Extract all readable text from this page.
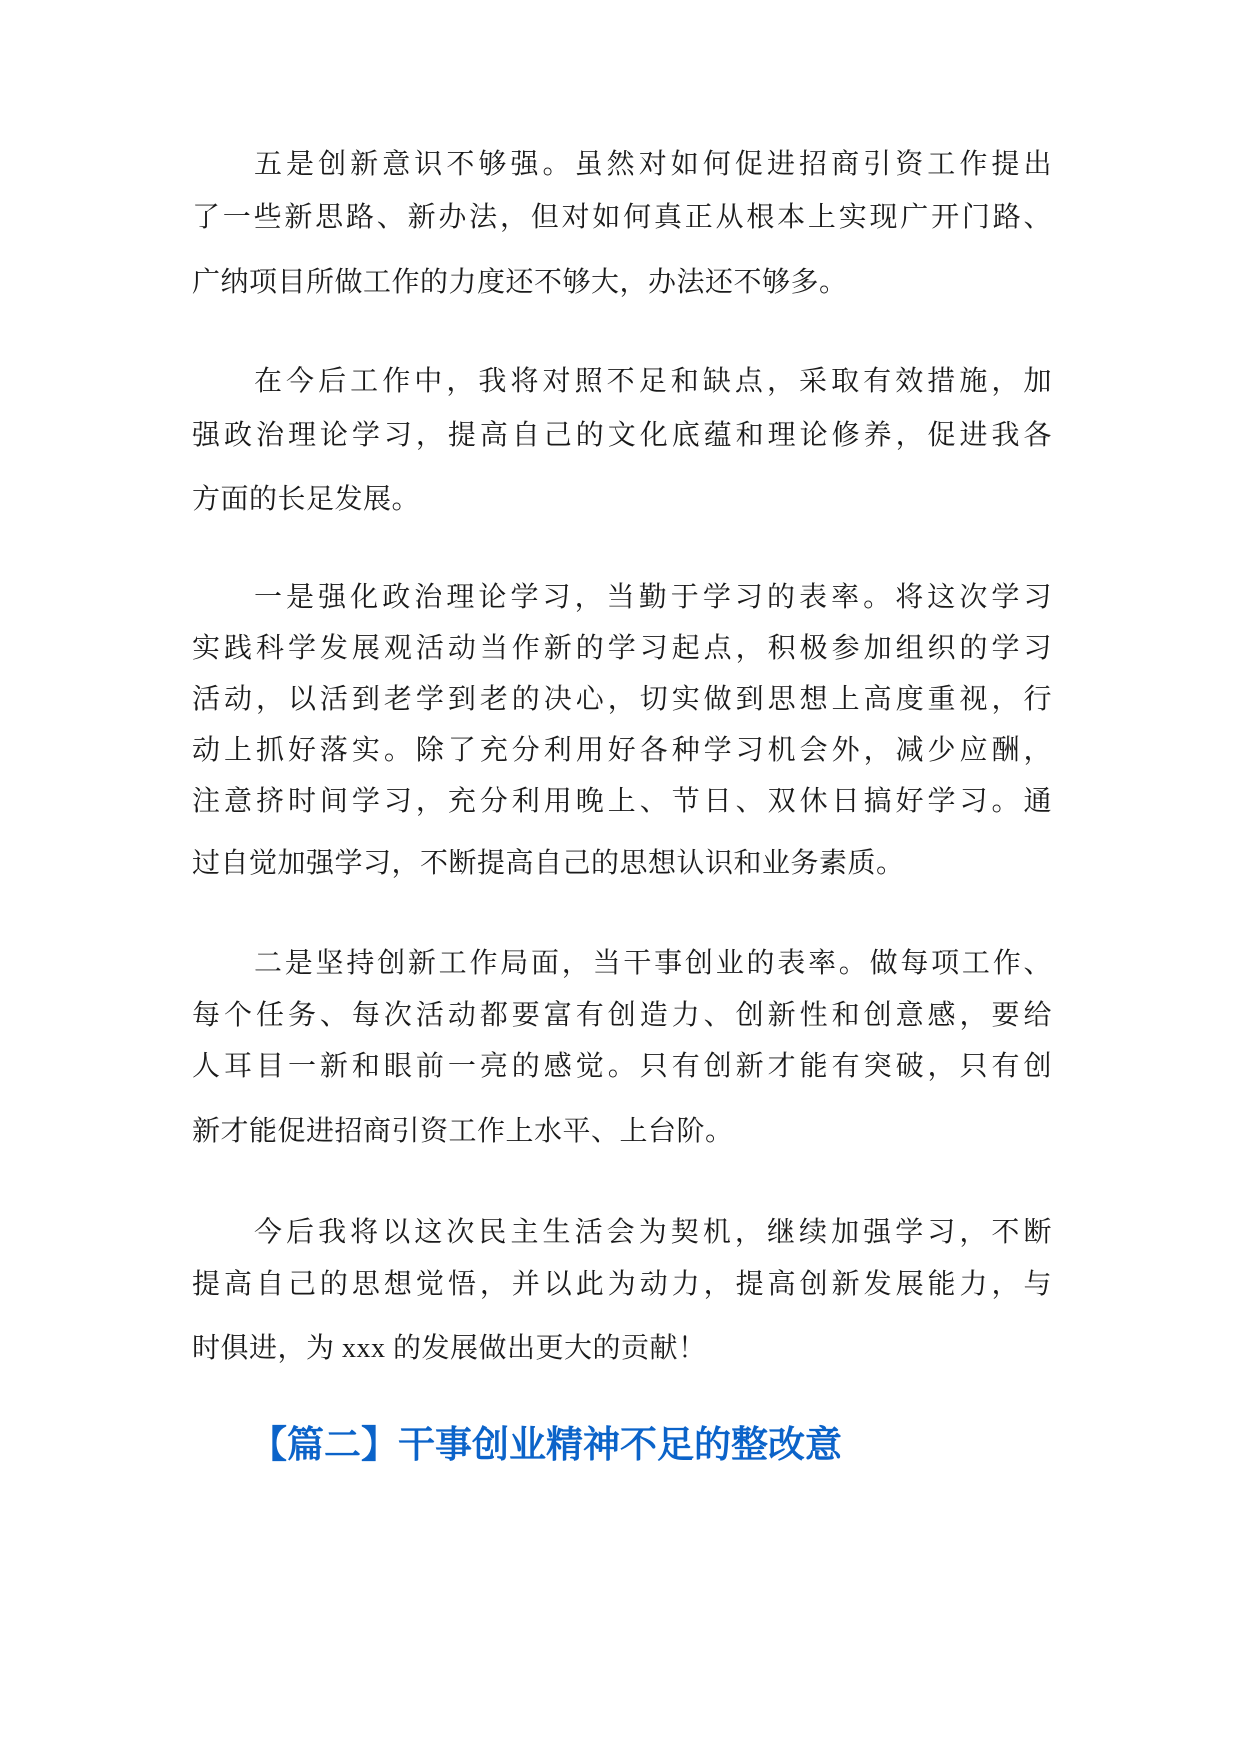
五是创新意识不够强。虽然对如何促进招商引资工作提出
了一些新思路、新办法，但对如何真正从根本上实现广开门路、
广纳项目所做工作的力度还不够大，办法还不够多。
在今后工作中，我将对照不足和缺点，采取有效措施，加
强政治理论学习，提高自己的文化底蕴和理论修养，促进我各
方面的长足发展。
一是强化政治理论学习，当勤于学习的表率。将这次学习
实践科学发展观活动当作新的学习起点，积极参加组织的学习
活动，以活到老学到老的决心，切实做到思想上高度重视，行
动上抓好落实。除了充分利用好各种学习机会外，减少应酬，
注意挤时间学习，充分利用晚上、节日、双休日搞好学习。通
过自觉加强学习，不断提高自己的思想认识和业务素质。
二是坚持创新工作局面，当干事创业的表率。做每项工作、
每个任务、每次活动都要富有创造力、创新性和创意感，要给
人耳目一新和眼前一亮的感觉。只有创新才能有突破，只有创
新才能促进招商引资工作上水平、上台阶。
今后我将以这次民主生活会为契机，继续加强学习，不断
提高自己的思想觉悟，并以此为动力，提高创新发展能力，与
时俱进，为 xxx 的发展做出更大的贡献！
【篇二】干事创业精神不足的整改意
